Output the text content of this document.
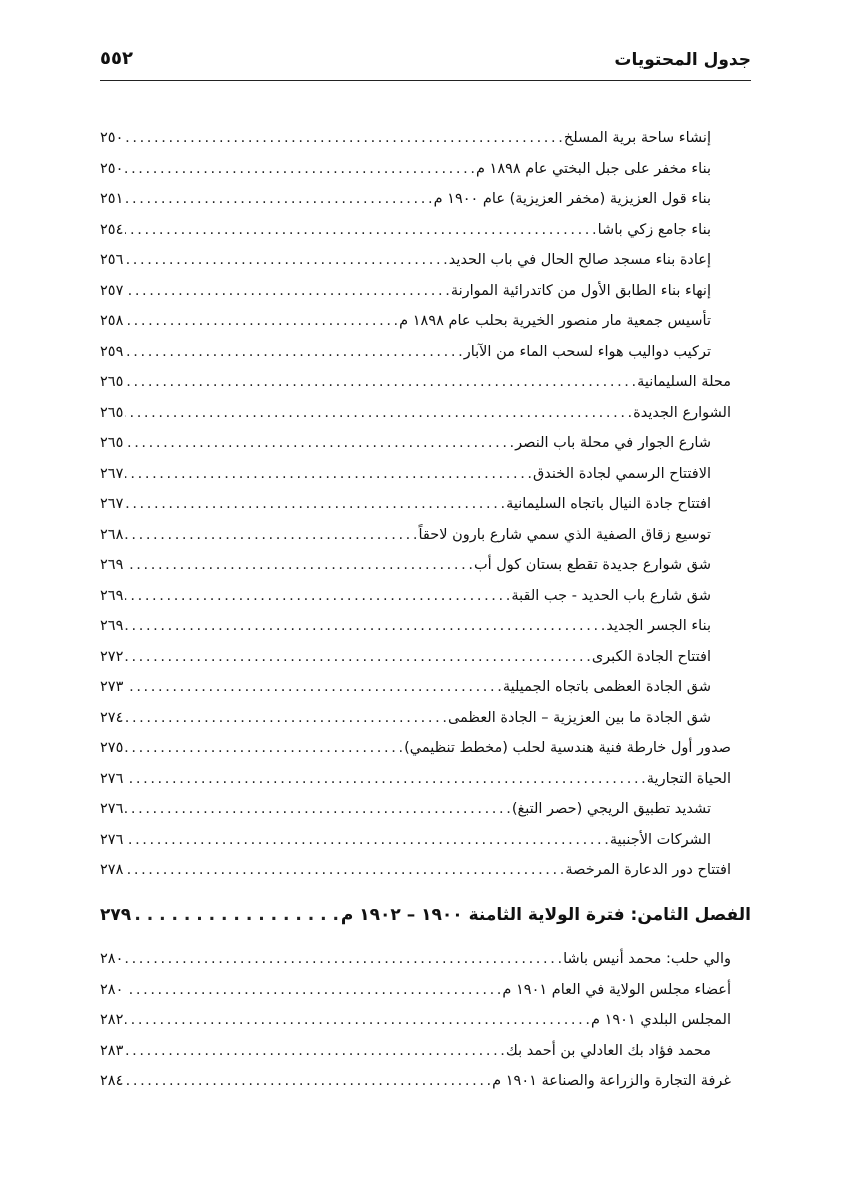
جدول المحتويات
٥٥٢
إنشاء ساحة برية المسلخ
. . .
٢٥٠
بناء مخفر على جبل البختي عام ١٨٩٨ م
. . .
٢٥٠
بناء قول العزيزية (مخفر العزيزية) عام ١٩٠٠ م
. . .
٢٥١
بناء جامع زكي باشا
. . .
٢٥٤
إعادة بناء مسجد صالح الحال في باب الحديد
. . .
٢٥٦
إنهاء بناء الطابق الأول من كاتدرائية الموارنة
. . .
٢٥٧
تأسيس جمعية مار منصور الخيرية بحلب عام ١٨٩٨ م
. . .
٢٥٨
تركيب دواليب هواء لسحب الماء من الآبار
. . .
٢٥٩
محلة السليمانية
. . .
٢٦٥
الشوارع الجديدة
. . .
٢٦٥
شارع الجوار في محلة باب النصر
. . .
٢٦٥
الافتتاح الرسمي لجادة الخندق
. . .
٢٦٧
افتتاح جادة النيال باتجاه السليمانية
. . .
٢٦٧
توسيع زقاق الصفية الذي سمي شارع بارون لاحقاً
. . .
٢٦٨
شق شوارع جديدة تقطع بستان كول أب
. . .
٢٦٩
شق شارع باب الحديد - جب القبة
. . .
٢٦٩
بناء الجسر الجديد
. . .
٢٦٩
افتتاح الجادة الكبرى
. . .
٢٧٢
شق الجادة العظمى باتجاه الجميلية
. . .
٢٧٣
شق الجادة ما بين العزيزية – الجادة العظمى
. . .
٢٧٤
صدور أول خارطة فنية هندسية لحلب (مخطط تنظيمي)
. . .
٢٧٥
الحياة التجارية
. . .
٢٧٦
تشديد تطبيق الريجي (حصر التبغ)
. . .
٢٧٦
الشركات الأجنبية
. . .
٢٧٦
افتتاح دور الدعارة المرخصة
. . .
٢٧٨
الفصل الثامن: فترة الولاية الثامنة ١٩٠٠ – ١٩٠٢ م
. . .
٢٧٩
والي حلب: محمد أنيس باشا
. . .
٢٨٠
أعضاء مجلس الولاية في العام ١٩٠١ م
. . .
٢٨٠
المجلس البلدي ١٩٠١ م
. . .
٢٨٢
محمد فؤاد بك العادلي بن أحمد بك
. . .
٢٨٣
غرفة التجارة والزراعة والصناعة ١٩٠١ م
. . .
٢٨٤
